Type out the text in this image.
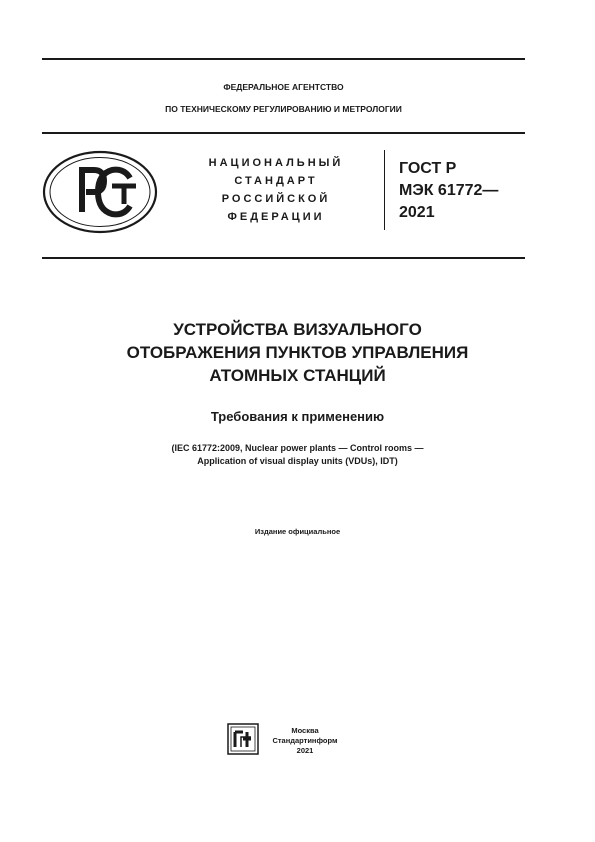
ФЕДЕРАЛЬНОЕ АГЕНТСТВО
ПО ТЕХНИЧЕСКОМУ РЕГУЛИРОВАНИЮ И МЕТРОЛОГИИ
НАЦИОНАЛЬНЫЙ
СТАНДАРТ
РОССИЙСКОЙ
ФЕДЕРАЦИИ
ГОСТ Р
МЭК 61772—
2021
УСТРОЙСТВА ВИЗУАЛЬНОГО
ОТОБРАЖЕНИЯ ПУНКТОВ УПРАВЛЕНИЯ
АТОМНЫХ СТАНЦИЙ
Требования к применению
(IEC 61772:2009, Nuclear power plants — Control rooms —
Application of visual display units (VDUs), IDT)
Издание официальное
Москва
Стандартинформ
2021
